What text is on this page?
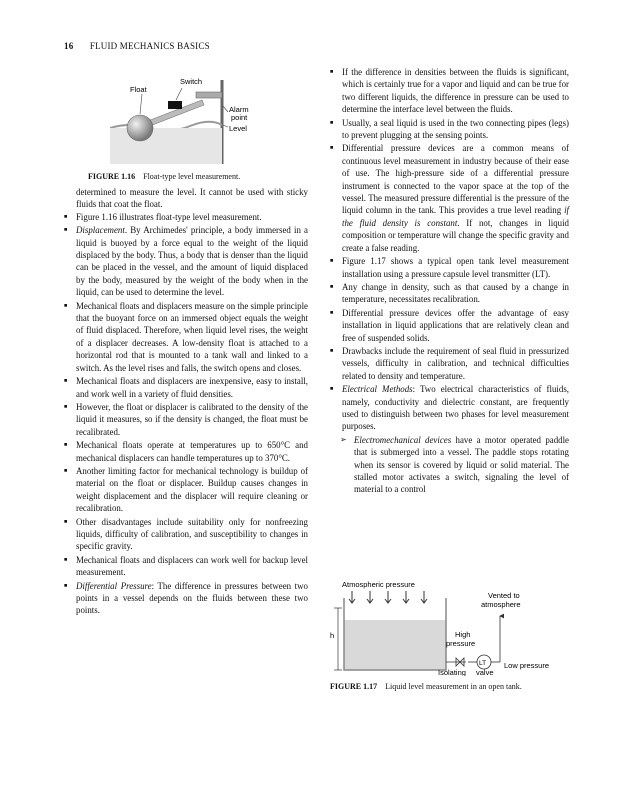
16 FLUID MECHANICS BASICS
Switch
Float
Alarm
point
Level
FIGURE 1.16 Float-type level measurement.

determined to measure the level. It cannot be used with sticky fluids that coat the float.

■ Figure 1.16 illustrates float-type level measurement.
■ Displacement. By Archimedes' principle, a body immersed in a liquid is buoyed by a force equal to the weight of the liquid displaced by the body. Thus, a body that is denser than the liquid can be placed in the vessel, and the amount of liquid displaced by the body, measured by the weight of the body when in the liquid, can be used to determine the level.
■ Mechanical floats and displacers measure on the simple principle that the buoyant force on an immersed object equals the weight of fluid displaced. Therefore, when liquid level rises, the weight of a displacer decreases. A low-density float is attached to a horizontal rod that is mounted to a tank wall and linked to a switch. As the level rises and falls, the switch opens and closes.
■ Mechanical floats and displacers are inexpensive, easy to install, and work well in a variety of fluid densities.
■ However, the float or displacer is calibrated to the density of the liquid it measures, so if the density is changed, the float must be recalibrated.
■ Mechanical floats operate at temperatures up to 650°C and mechanical displacers can handle temperatures up to 370°C.
■ Another limiting factor for mechanical technology is buildup of material on the float or displacer. Buildup causes changes in weight displacement and the displacer will require cleaning or recalibration.
■ Other disadvantages include suitability only for nonfreezing liquids, difficulty of calibration, and susceptibility to changes in specific gravity.
■ Mechanical floats and displacers can work well for backup level measurement.
■ Differential Pressure: The difference in pressures between two points in a vessel depends on the fluids between these two points.
■ If the difference in densities between the fluids is significant, which is certainly true for a vapor and liquid and can be true for two different liquids, the difference in pressure can be used to determine the interface level between the fluids.
■ Usually, a seal liquid is used in the two connecting pipes (legs) to prevent plugging at the sensing points.
■ Differential pressure devices are a common means of continuous level measurement in industry because of their ease of use. The high-pressure side of a differential pressure instrument is connected to the vapor space at the top of the vessel. The measured pressure differential is the pressure of the liquid column in the tank. This provides a true level reading if the fluid density is constant. If not, changes in liquid composition or temperature will change the specific gravity and create a false reading.
■ Figure 1.17 shows a typical open tank level measurement installation using a pressure capsule level transmitter (LT).
■ Any change in density, such as that caused by a change in temperature, necessitates recalibration.
■ Differential pressure devices offer the advantage of easy installation in liquid applications that are relatively clean and free of suspended solids.
■ Drawbacks include the requirement of seal fluid in pressurized vessels, difficulty in calibration, and technical difficulties related to density and temperature.
■ Electrical Methods: Two electrical characteristics of fluids, namely, conductivity and dielectric constant, are frequently used to distinguish between two phases for level measurement purposes.
➢ Electromechanical devices have a motor operated paddle that is submerged into a vessel. The paddle stops rotating when its sensor is covered by liquid or solid material. The stalled motor activates a switch, signaling the level of material to a control
Atmospheric pressure
h
LT
Vented to
atmosphere
High
pressure
Low pressure
Isolating valve
FIGURE 1.17 Liquid level measurement in an open tank.
